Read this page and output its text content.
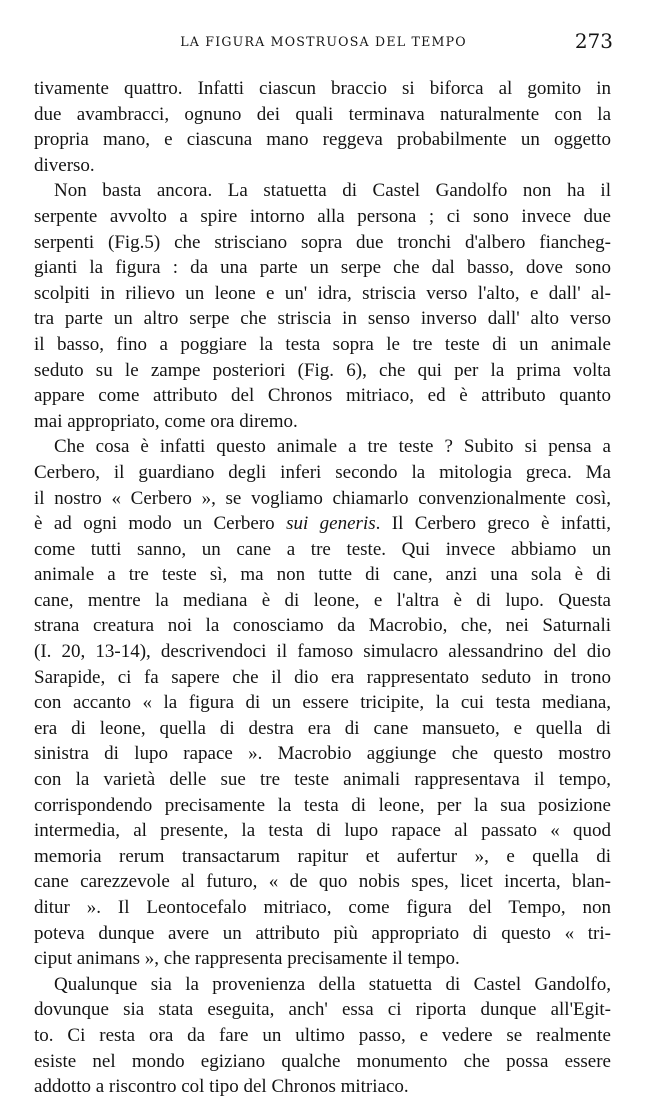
LA FIGURA MOSTRUOSA DEL TEMPO	273
tivamente quattro. Infatti ciascun braccio si biforca al gomito in
due avambracci, ognuno dei quali terminava naturalmente con la
propria mano, e ciascuna mano reggeva probabilmente un oggetto
diverso.
Non basta ancora. La statuetta di Castel Gandolfo non ha il
serpente avvolto a spire intorno alla persona ; ci sono invece due
serpenti (Fig.5) che strisciano sopra due tronchi d'albero fiancheg-
gianti la figura : da una parte un serpe che dal basso, dove sono
scolpiti in rilievo un leone e un' idra, striscia verso l'alto, e dall' al-
tra parte un altro serpe che striscia in senso inverso dall' alto verso
il basso, fino a poggiare la testa sopra le tre teste di un animale
seduto su le zampe posteriori (Fig. 6), che qui per la prima volta
appare come attributo del Chronos mitriaco, ed è attributo quanto
mai appropriato, come ora diremo.
Che cosa è infatti questo animale a tre teste ? Subito si pensa a
Cerbero, il guardiano degli inferi secondo la mitologia greca. Ma
il nostro « Cerbero », se vogliamo chiamarlo convenzionalmente così,
è ad ogni modo un Cerbero sui generis. Il Cerbero greco è infatti,
come tutti sanno, un cane a tre teste. Qui invece abbiamo un
animale a tre teste sì, ma non tutte di cane, anzi una sola è di
cane, mentre la mediana è di leone, e l'altra è di lupo. Questa
strana creatura noi la conosciamo da Macrobio, che, nei Saturnali
(I. 20, 13-14), descrivendoci il famoso simulacro alessandrino del dio
Sarapide, ci fa sapere che il dio era rappresentato seduto in trono
con accanto « la figura di un essere tricipite, la cui testa mediana,
era di leone, quella di destra era di cane mansueto, e quella di
sinistra di lupo rapace ». Macrobio aggiunge che questo mostro
con la varietà delle sue tre teste animali rappresentava il tempo,
corrispondendo precisamente la testa di leone, per la sua posizione
intermedia, al presente, la testa di lupo rapace al passato « quod
memoria rerum transactarum rapitur et aufertur », e quella di
cane carezzevole al futuro, « de quo nobis spes, licet incerta, blan-
ditur ». Il Leontocefalo mitriaco, come figura del Tempo, non
poteva dunque avere un attributo più appropriato di questo « tri-
ciput animans », che rappresenta precisamente il tempo.
Qualunque sia la provenienza della statuetta di Castel Gandolfo,
dovunque sia stata eseguita, anch' essa ci riporta dunque all'Egit-
to. Ci resta ora da fare un ultimo passo, e vedere se realmente
esiste nel mondo egiziano qualche monumento che possa essere
addotto a riscontro col tipo del Chronos mitriaco.
